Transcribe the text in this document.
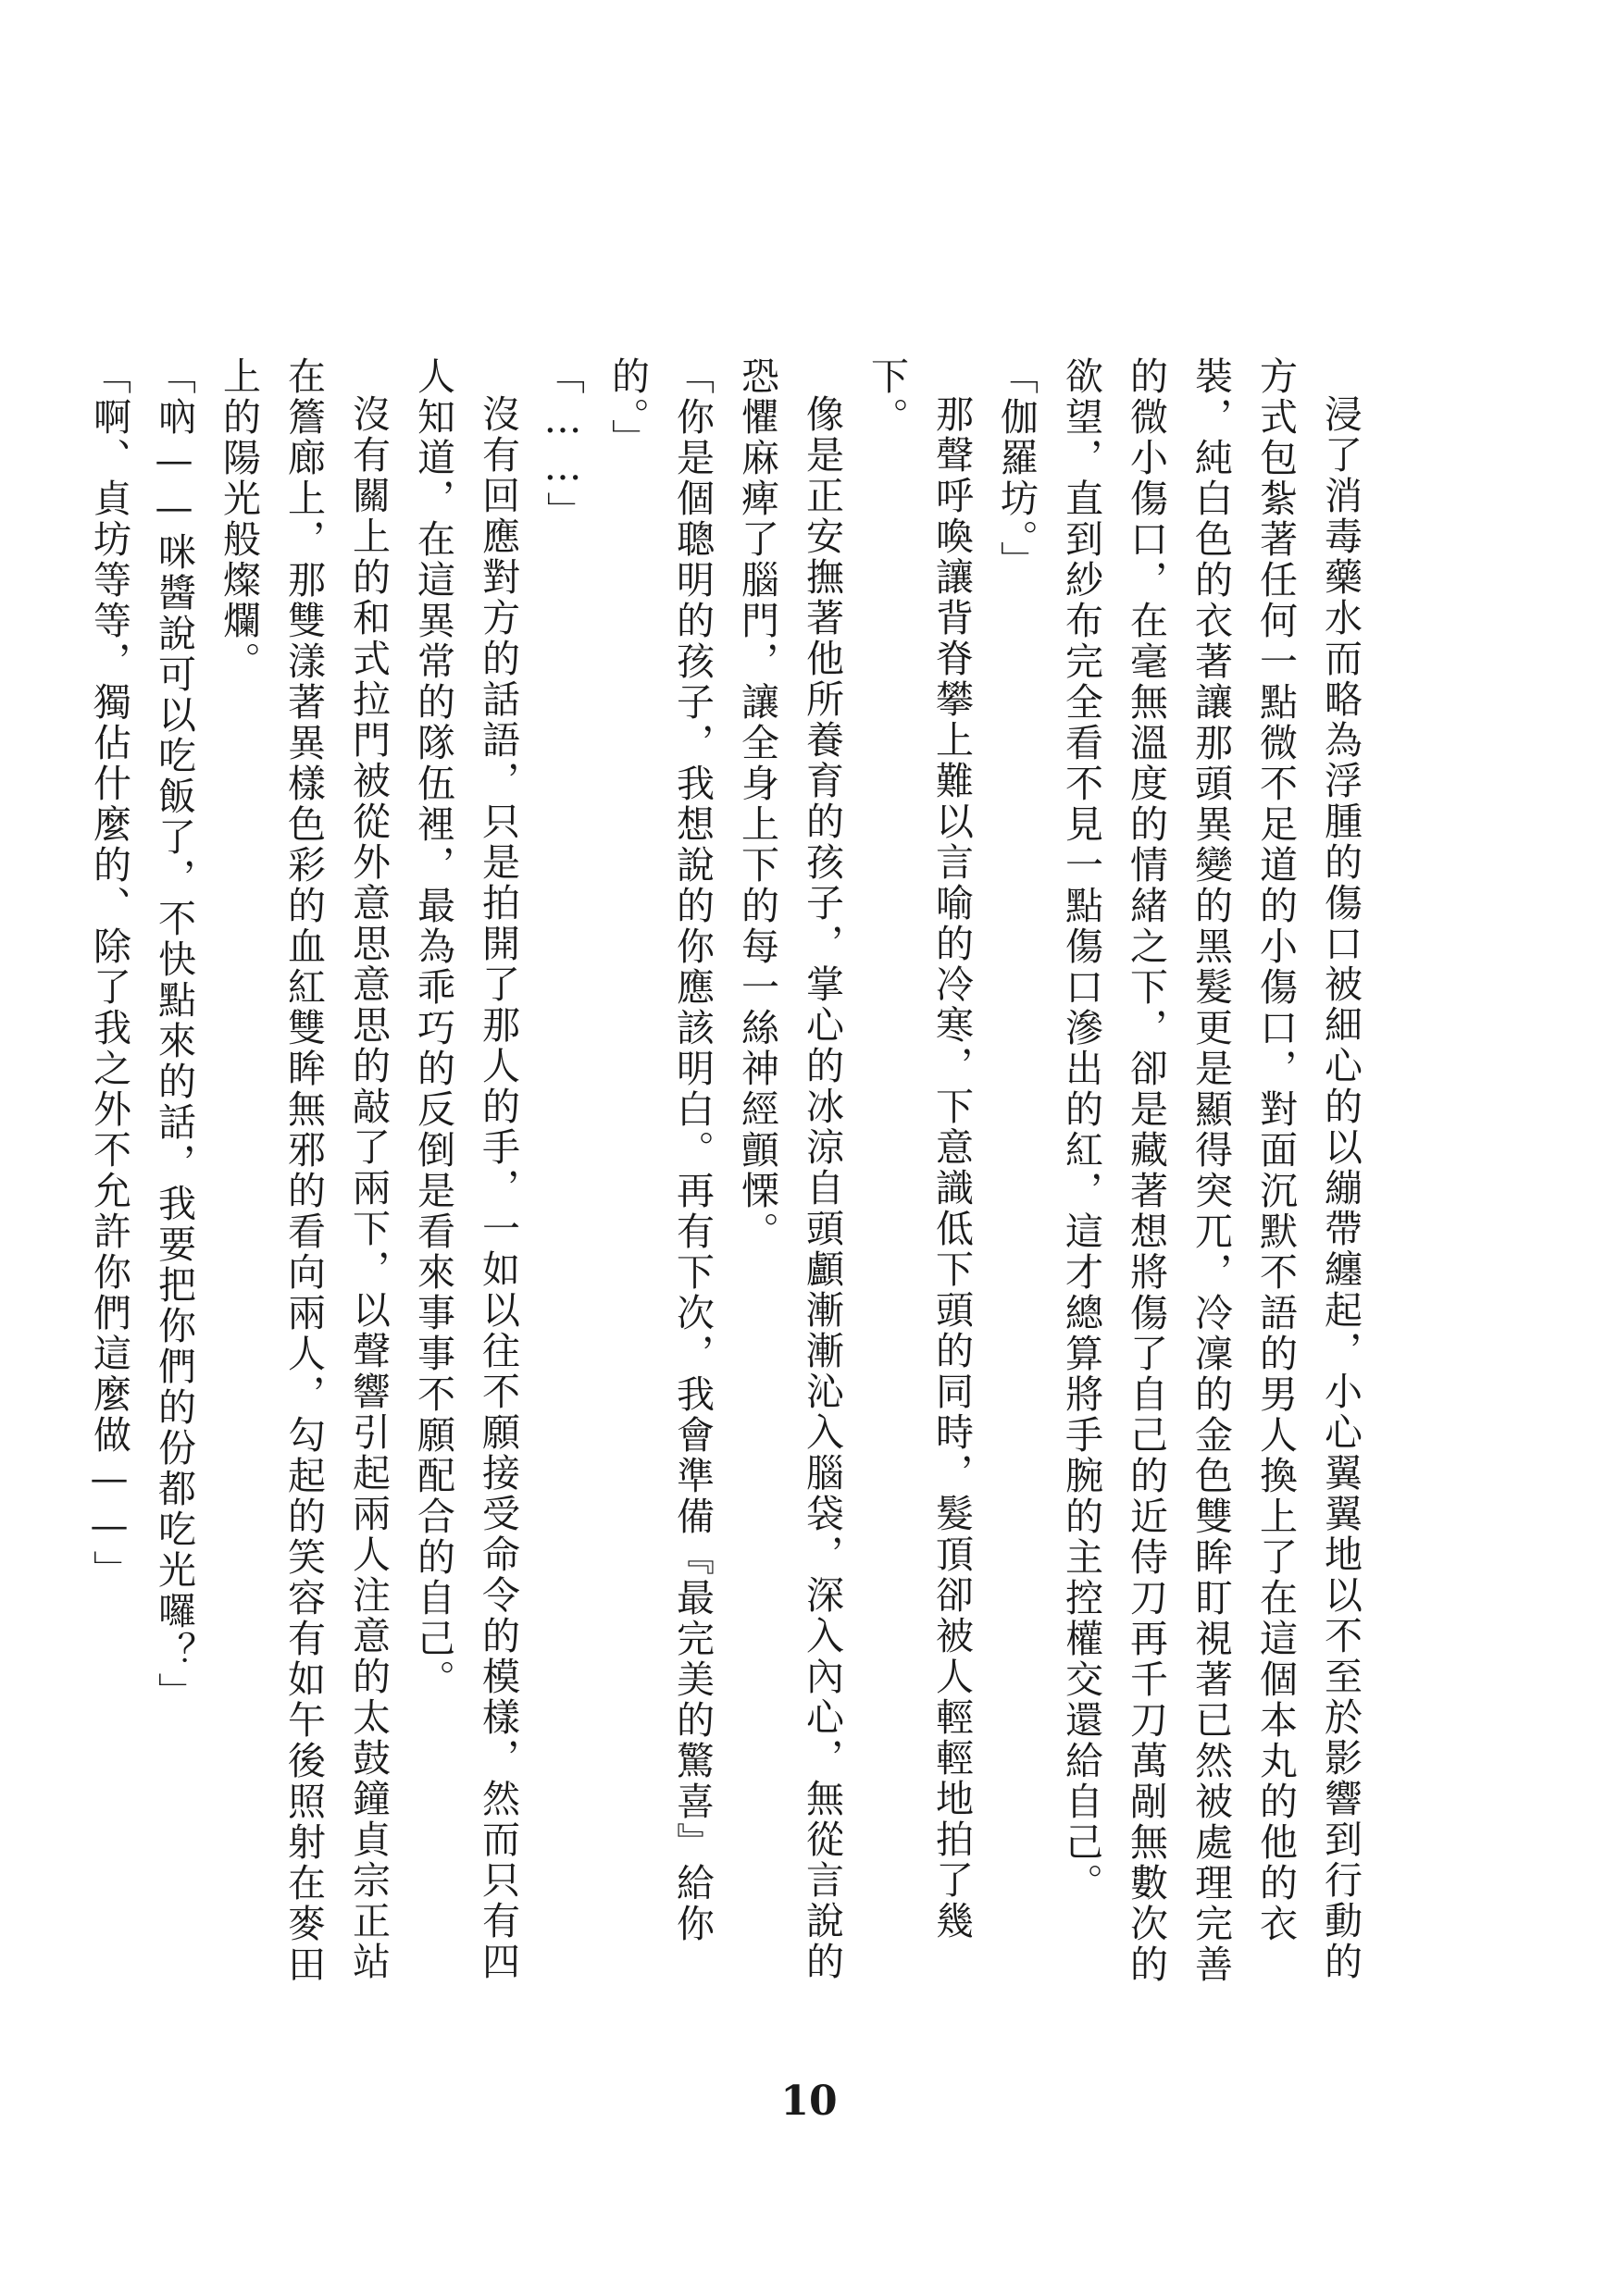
浸了消毒藥水而略為浮腫的傷口被細心的以繃帶纏起，小心翼翼地以不至於影響到行動的方式包紮著任何一點微不足道的小傷口，對面沉默不語的男人換上了在這個本丸的他的衣裝，純白色的衣著讓那頭異變的黑髮更是顯得突兀，冷凜的金色雙眸盯視著已然被處理完善的微小傷口，在毫無溫度的情緒之下，卻是藏著想將傷了自己的近侍刀再千刀萬剮無數次的欲望，直到紗布完全看不見一點傷口滲出的紅，這才總算將手腕的主控權交還給自己。

「伽羅坊。」

那聲呼喚讓背脊攀上難以言喻的冷寒，下意識低下頭的同時，髮頂卻被人輕輕地拍了幾下。

像是正安撫著他所養育的孩子，掌心的冰涼自頭顱漸漸沁入腦袋，深入內心，無從言說的恐懼麻痺了腦門，讓全身上下的每一絲神經顫慄。

「你是個聰明的孩子，我想說的你應該明白。再有下次，我會準備『最完美的驚喜』給你的。」

「……」

沒有回應對方的話語，只是拍開了那人的手，一如以往不願接受命令的模樣，然而只有四人知道，在這異常的隊伍裡，最為乖巧的反倒是看來事事不願配合的自己。

沒有關上的和式拉門被從外意思意思的敲了兩下，以聲響引起兩人注意的太鼓鐘貞宗正站在簷廊上，那雙漾著異樣色彩的血紅雙眸無邪的看向兩人，勾起的笑容有如午後照射在麥田上的陽光般燦爛。

「吶——咪醬說可以吃飯了，不快點來的話，我要把你們的份都吃光囉？」

「啊、貞坊等等，獨佔什麼的、除了我之外不允許你們這麼做——」

10
